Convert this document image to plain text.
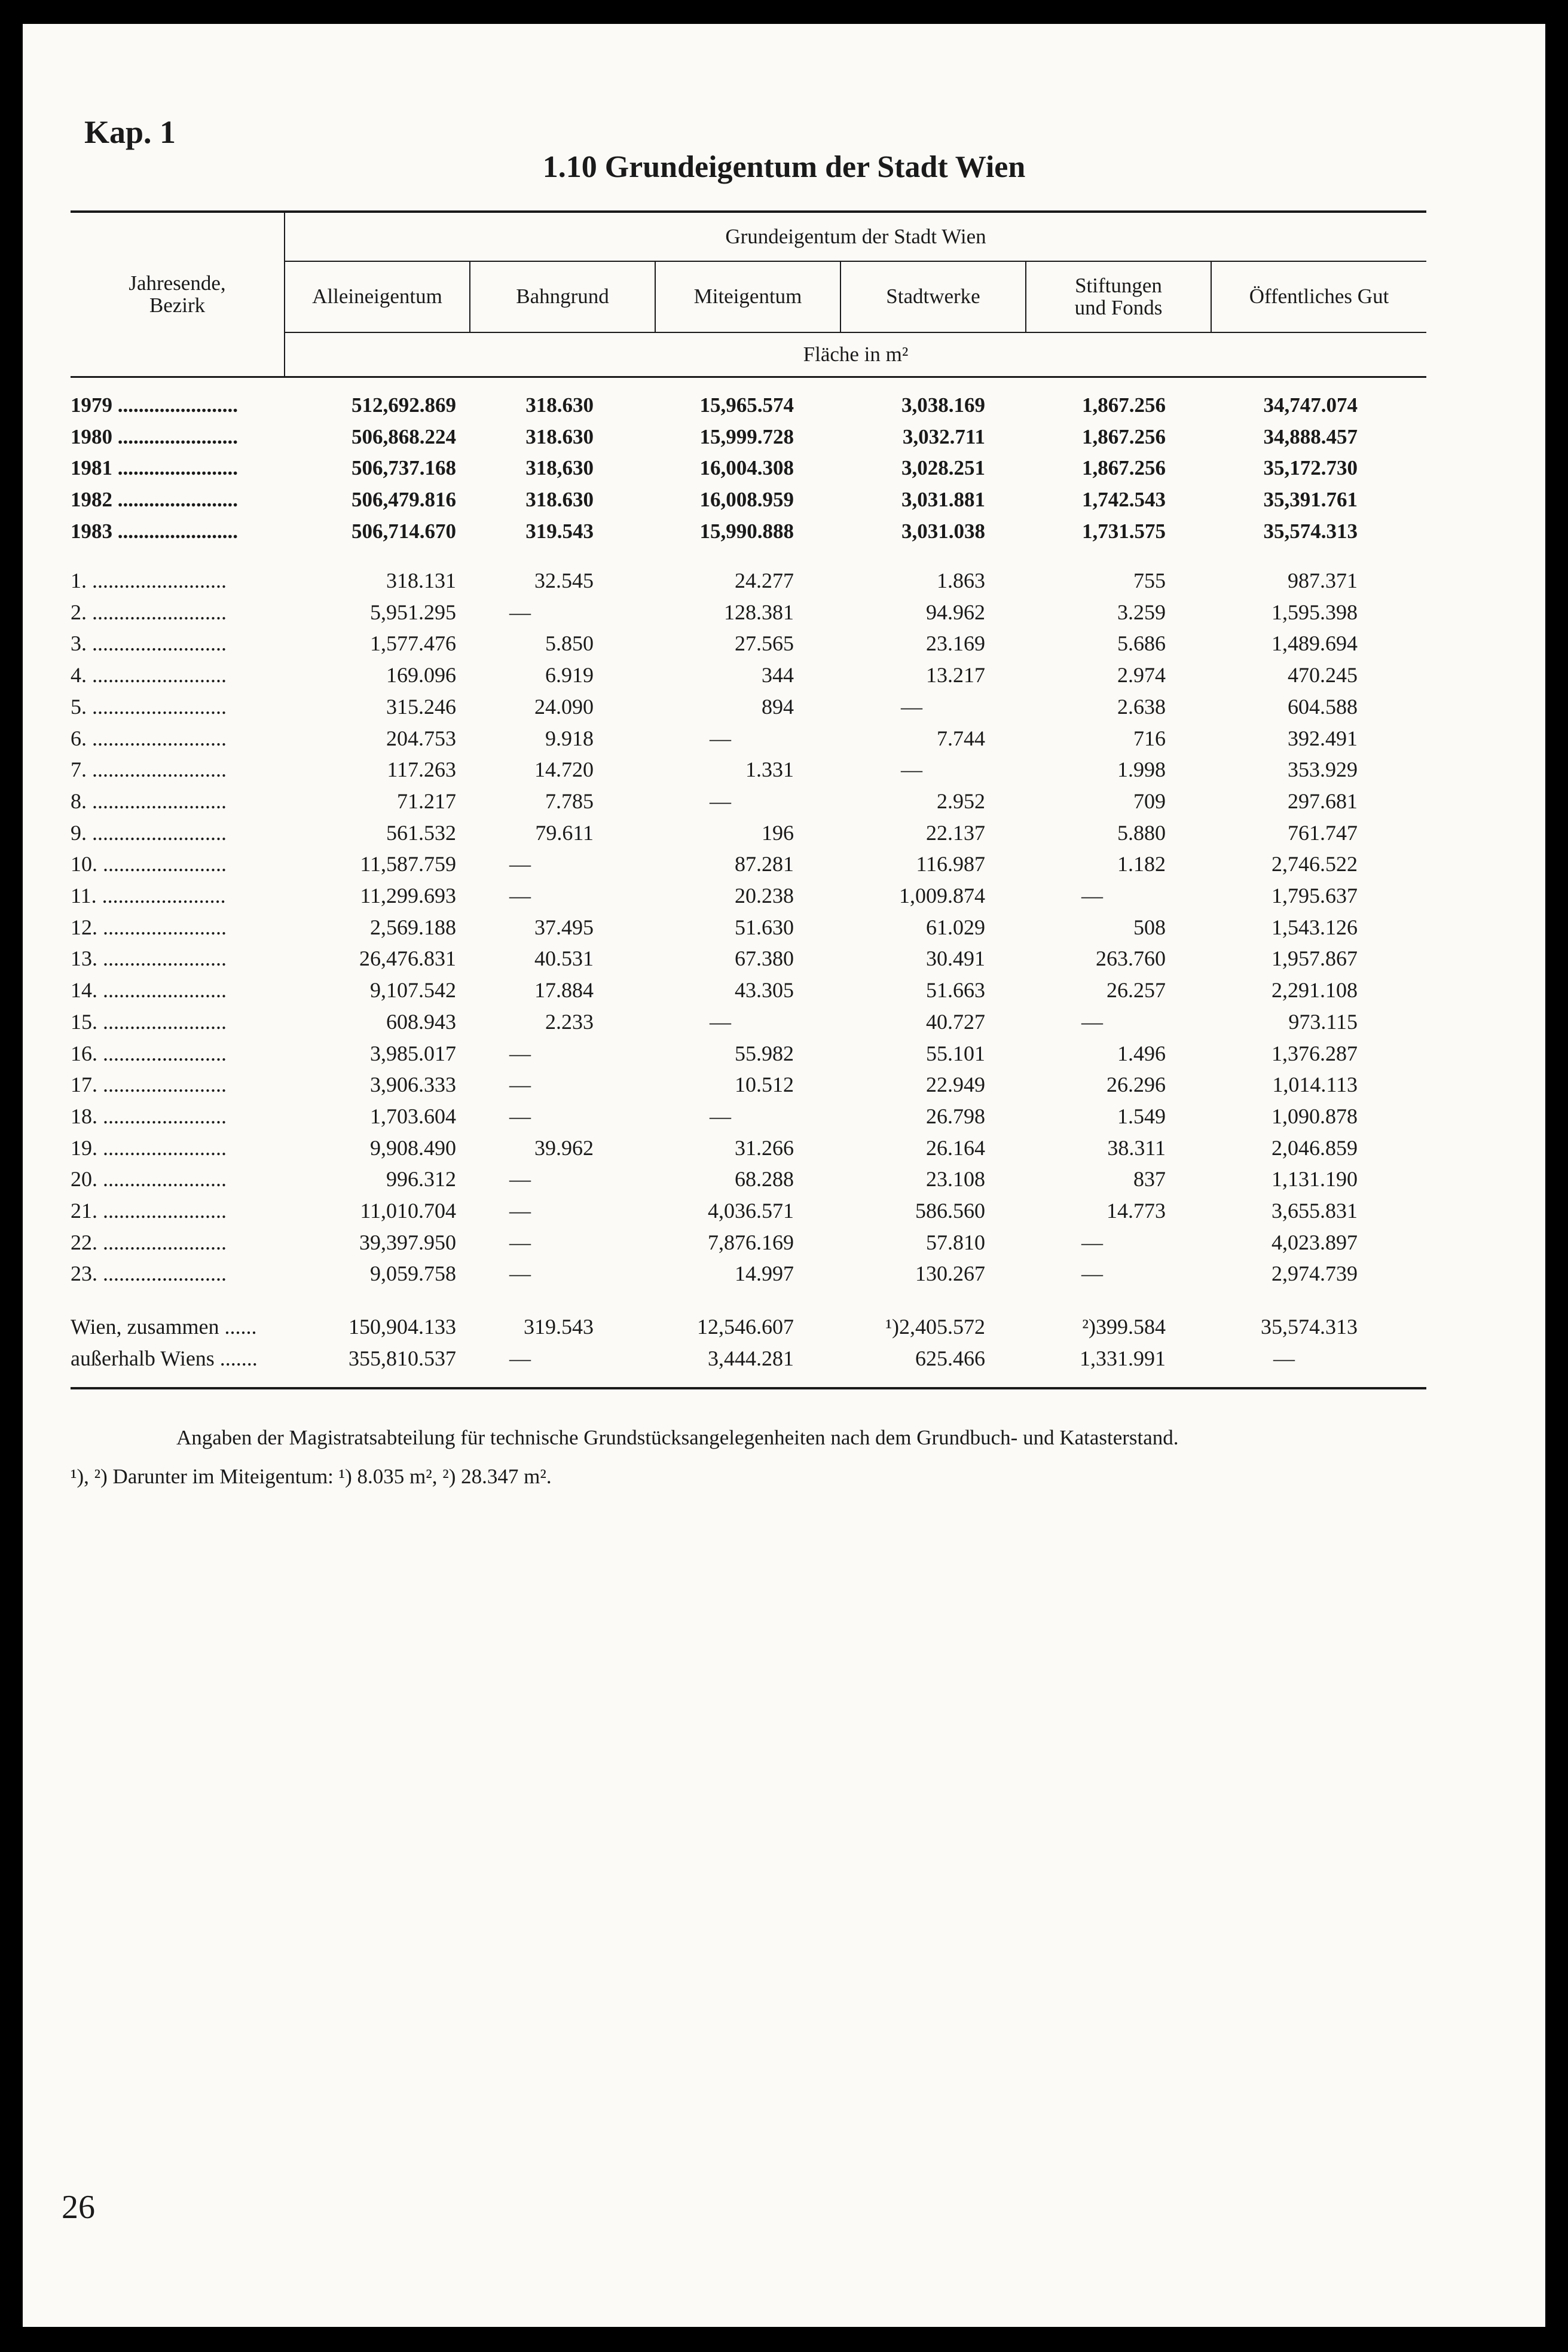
Kap. 1
1.10 Grundeigentum der Stadt Wien
Jahresende,
Bezirk
Grundeigentum der Stadt Wien
Alleineigentum	Bahngrund	Miteigentum	Stadtwerke	Stiftungen
und Fonds	Öffentliches Gut
Fläche in m²
1979 .......................	512,692.869	318.630	15,965.574	3,038.169	1,867.256	34,747.074
1980 .......................	506,868.224	318.630	15,999.728	3,032.711	1,867.256	34,888.457
1981 .......................	506,737.168	318,630	16,004.308	3,028.251	1,867.256	35,172.730
1982 .......................	506,479.816	318.630	16,008.959	3,031.881	1,742.543	35,391.761
1983 .......................	506,714.670	319.543	15,990.888	3,031.038	1,731.575	35,574.313
1. .........................	318.131	32.545	24.277	1.863	755	987.371
2. .........................	5,951.295	—	128.381	94.962	3.259	1,595.398
3. .........................	1,577.476	5.850	27.565	23.169	5.686	1,489.694
4. .........................	169.096	6.919	344	13.217	2.974	470.245
5. .........................	315.246	24.090	894	—	2.638	604.588
6. .........................	204.753	9.918	—	7.744	716	392.491
7. .........................	117.263	14.720	1.331	—	1.998	353.929
8. .........................	71.217	7.785	—	2.952	709	297.681
9. .........................	561.532	79.611	196	22.137	5.880	761.747
10. .......................	11,587.759	—	87.281	116.987	1.182	2,746.522
11. .......................	11,299.693	—	20.238	1,009.874	—	1,795.637
12. .......................	2,569.188	37.495	51.630	61.029	508	1,543.126
13. .......................	26,476.831	40.531	67.380	30.491	263.760	1,957.867
14. .......................	9,107.542	17.884	43.305	51.663	26.257	2,291.108
15. .......................	608.943	2.233	—	40.727	—	973.115
16. .......................	3,985.017	—	55.982	55.101	1.496	1,376.287
17. .......................	3,906.333	—	10.512	22.949	26.296	1,014.113
18. .......................	1,703.604	—	—	26.798	1.549	1,090.878
19. .......................	9,908.490	39.962	31.266	26.164	38.311	2,046.859
20. .......................	996.312	—	68.288	23.108	837	1,131.190
21. .......................	11,010.704	—	4,036.571	586.560	14.773	3,655.831
22. .......................	39,397.950	—	7,876.169	57.810	—	4,023.897
23. .......................	9,059.758	—	14.997	130.267	—	2,974.739
Wien, zusammen ......	150,904.133	319.543	12,546.607	¹)2,405.572	²)399.584	35,574.313
außerhalb Wiens .......	355,810.537	—	3,444.281	625.466	1,331.991	—
Angaben der Magistratsabteilung für technische Grundstücksangelegenheiten nach dem Grundbuch- und Katasterstand.
¹), ²) Darunter im Miteigentum: ¹) 8.035 m², ²) 28.347 m².
26
